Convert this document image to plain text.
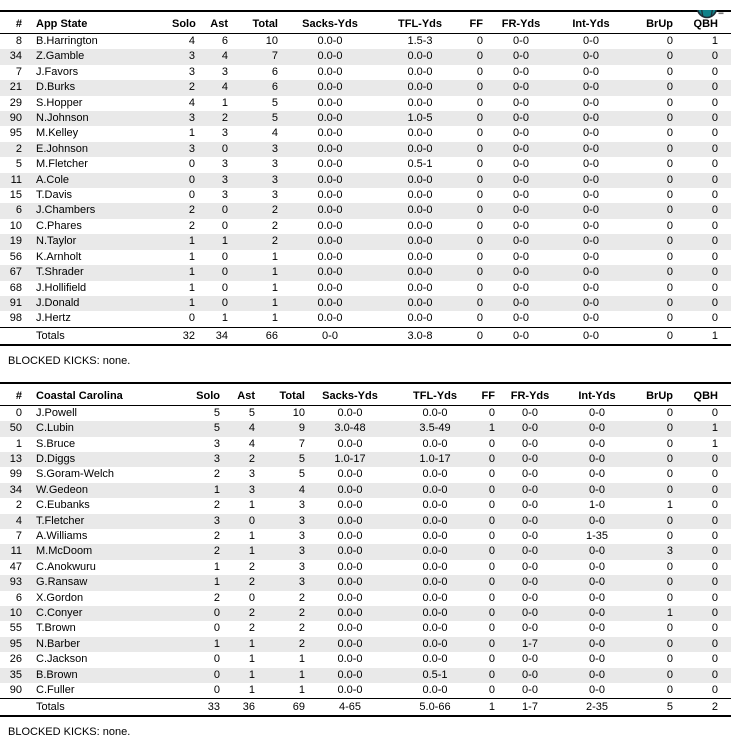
#	App State	Solo	Ast	Total	Sacks-Yds	TFL-Yds	FF	FR-Yds	Int-Yds	BrUp	QBH
8	B.Harrington	4	6	10	0.0-0	1.5-3	0	0-0	0-0	0	1
34	Z.Gamble	3	4	7	0.0-0	0.0-0	0	0-0	0-0	0	0
7	J.Favors	3	3	6	0.0-0	0.0-0	0	0-0	0-0	0	0
21	D.Burks	2	4	6	0.0-0	0.0-0	0	0-0	0-0	0	0
29	S.Hopper	4	1	5	0.0-0	0.0-0	0	0-0	0-0	0	0
90	N.Johnson	3	2	5	0.0-0	1.0-5	0	0-0	0-0	0	0
95	M.Kelley	1	3	4	0.0-0	0.0-0	0	0-0	0-0	0	0
2	E.Johnson	3	0	3	0.0-0	0.0-0	0	0-0	0-0	0	0
5	M.Fletcher	0	3	3	0.0-0	0.5-1	0	0-0	0-0	0	0
11	A.Cole	0	3	3	0.0-0	0.0-0	0	0-0	0-0	0	0
15	T.Davis	0	3	3	0.0-0	0.0-0	0	0-0	0-0	0	0
6	J.Chambers	2	0	2	0.0-0	0.0-0	0	0-0	0-0	0	0
10	C.Phares	2	0	2	0.0-0	0.0-0	0	0-0	0-0	0	0
19	N.Taylor	1	1	2	0.0-0	0.0-0	0	0-0	0-0	0	0
56	K.Arnholt	1	0	1	0.0-0	0.0-0	0	0-0	0-0	0	0
67	T.Shrader	1	0	1	0.0-0	0.0-0	0	0-0	0-0	0	0
68	J.Hollifield	1	0	1	0.0-0	0.0-0	0	0-0	0-0	0	0
91	J.Donald	1	0	1	0.0-0	0.0-0	0	0-0	0-0	0	0
98	J.Hertz	0	1	1	0.0-0	0.0-0	0	0-0	0-0	0	0
	Totals	32	34	66	0-0	3.0-8	0	0-0	0-0	0	1
BLOCKED KICKS: none.
#	Coastal Carolina	Solo	Ast	Total	Sacks-Yds	TFL-Yds	FF	FR-Yds	Int-Yds	BrUp	QBH
0	J.Powell	5	5	10	0.0-0	0.0-0	0	0-0	0-0	0	0
50	C.Lubin	5	4	9	3.0-48	3.5-49	1	0-0	0-0	0	1
1	S.Bruce	3	4	7	0.0-0	0.0-0	0	0-0	0-0	0	1
13	D.Diggs	3	2	5	1.0-17	1.0-17	0	0-0	0-0	0	0
99	S.Goram-Welch	2	3	5	0.0-0	0.0-0	0	0-0	0-0	0	0
34	W.Gedeon	1	3	4	0.0-0	0.0-0	0	0-0	0-0	0	0
2	C.Eubanks	2	1	3	0.0-0	0.0-0	0	0-0	1-0	1	0
4	T.Fletcher	3	0	3	0.0-0	0.0-0	0	0-0	0-0	0	0
7	A.Williams	2	1	3	0.0-0	0.0-0	0	0-0	1-35	0	0
11	M.McDoom	2	1	3	0.0-0	0.0-0	0	0-0	0-0	3	0
47	C.Anokwuru	1	2	3	0.0-0	0.0-0	0	0-0	0-0	0	0
93	G.Ransaw	1	2	3	0.0-0	0.0-0	0	0-0	0-0	0	0
6	X.Gordon	2	0	2	0.0-0	0.0-0	0	0-0	0-0	0	0
10	C.Conyer	0	2	2	0.0-0	0.0-0	0	0-0	0-0	1	0
55	T.Brown	0	2	2	0.0-0	0.0-0	0	0-0	0-0	0	0
95	N.Barber	1	1	2	0.0-0	0.0-0	0	1-7	0-0	0	0
26	C.Jackson	0	1	1	0.0-0	0.0-0	0	0-0	0-0	0	0
35	B.Brown	0	1	1	0.0-0	0.5-1	0	0-0	0-0	0	0
90	C.Fuller	0	1	1	0.0-0	0.0-0	0	0-0	0-0	0	0
	Totals	33	36	69	4-65	5.0-66	1	1-7	2-35	5	2
BLOCKED KICKS: none.
